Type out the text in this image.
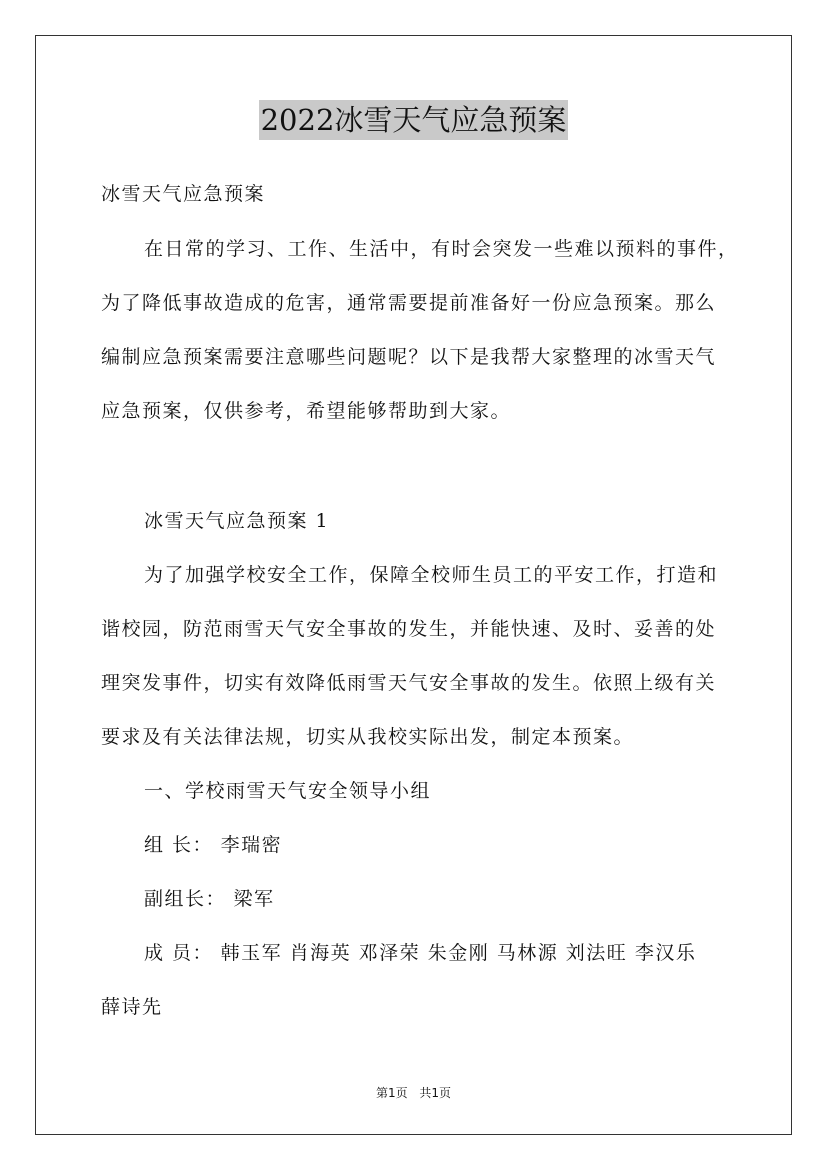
2022冰雪天气应急预案
冰雪天气应急预案
在日常的学习、工作、生活中，有时会突发一些难以预料的事件，
为了降低事故造成的危害，通常需要提前准备好一份应急预案。那么
编制应急预案需要注意哪些问题呢？以下是我帮大家整理的冰雪天气
应急预案，仅供参考，希望能够帮助到大家。
冰雪天气应急预案 1
为了加强学校安全工作，保障全校师生员工的平安工作，打造和
谐校园，防范雨雪天气安全事故的发生，并能快速、及时、妥善的处
理突发事件，切实有效降低雨雪天气安全事故的发生。依照上级有关
要求及有关法律法规，切实从我校实际出发，制定本预案。
一、学校雨雪天气安全领导小组
组 长： 李瑞密
副组长： 梁军
成 员： 韩玉军 肖海英 邓泽荣 朱金刚 马林源 刘法旺 李汉乐
薛诗先
第1页 共1页
